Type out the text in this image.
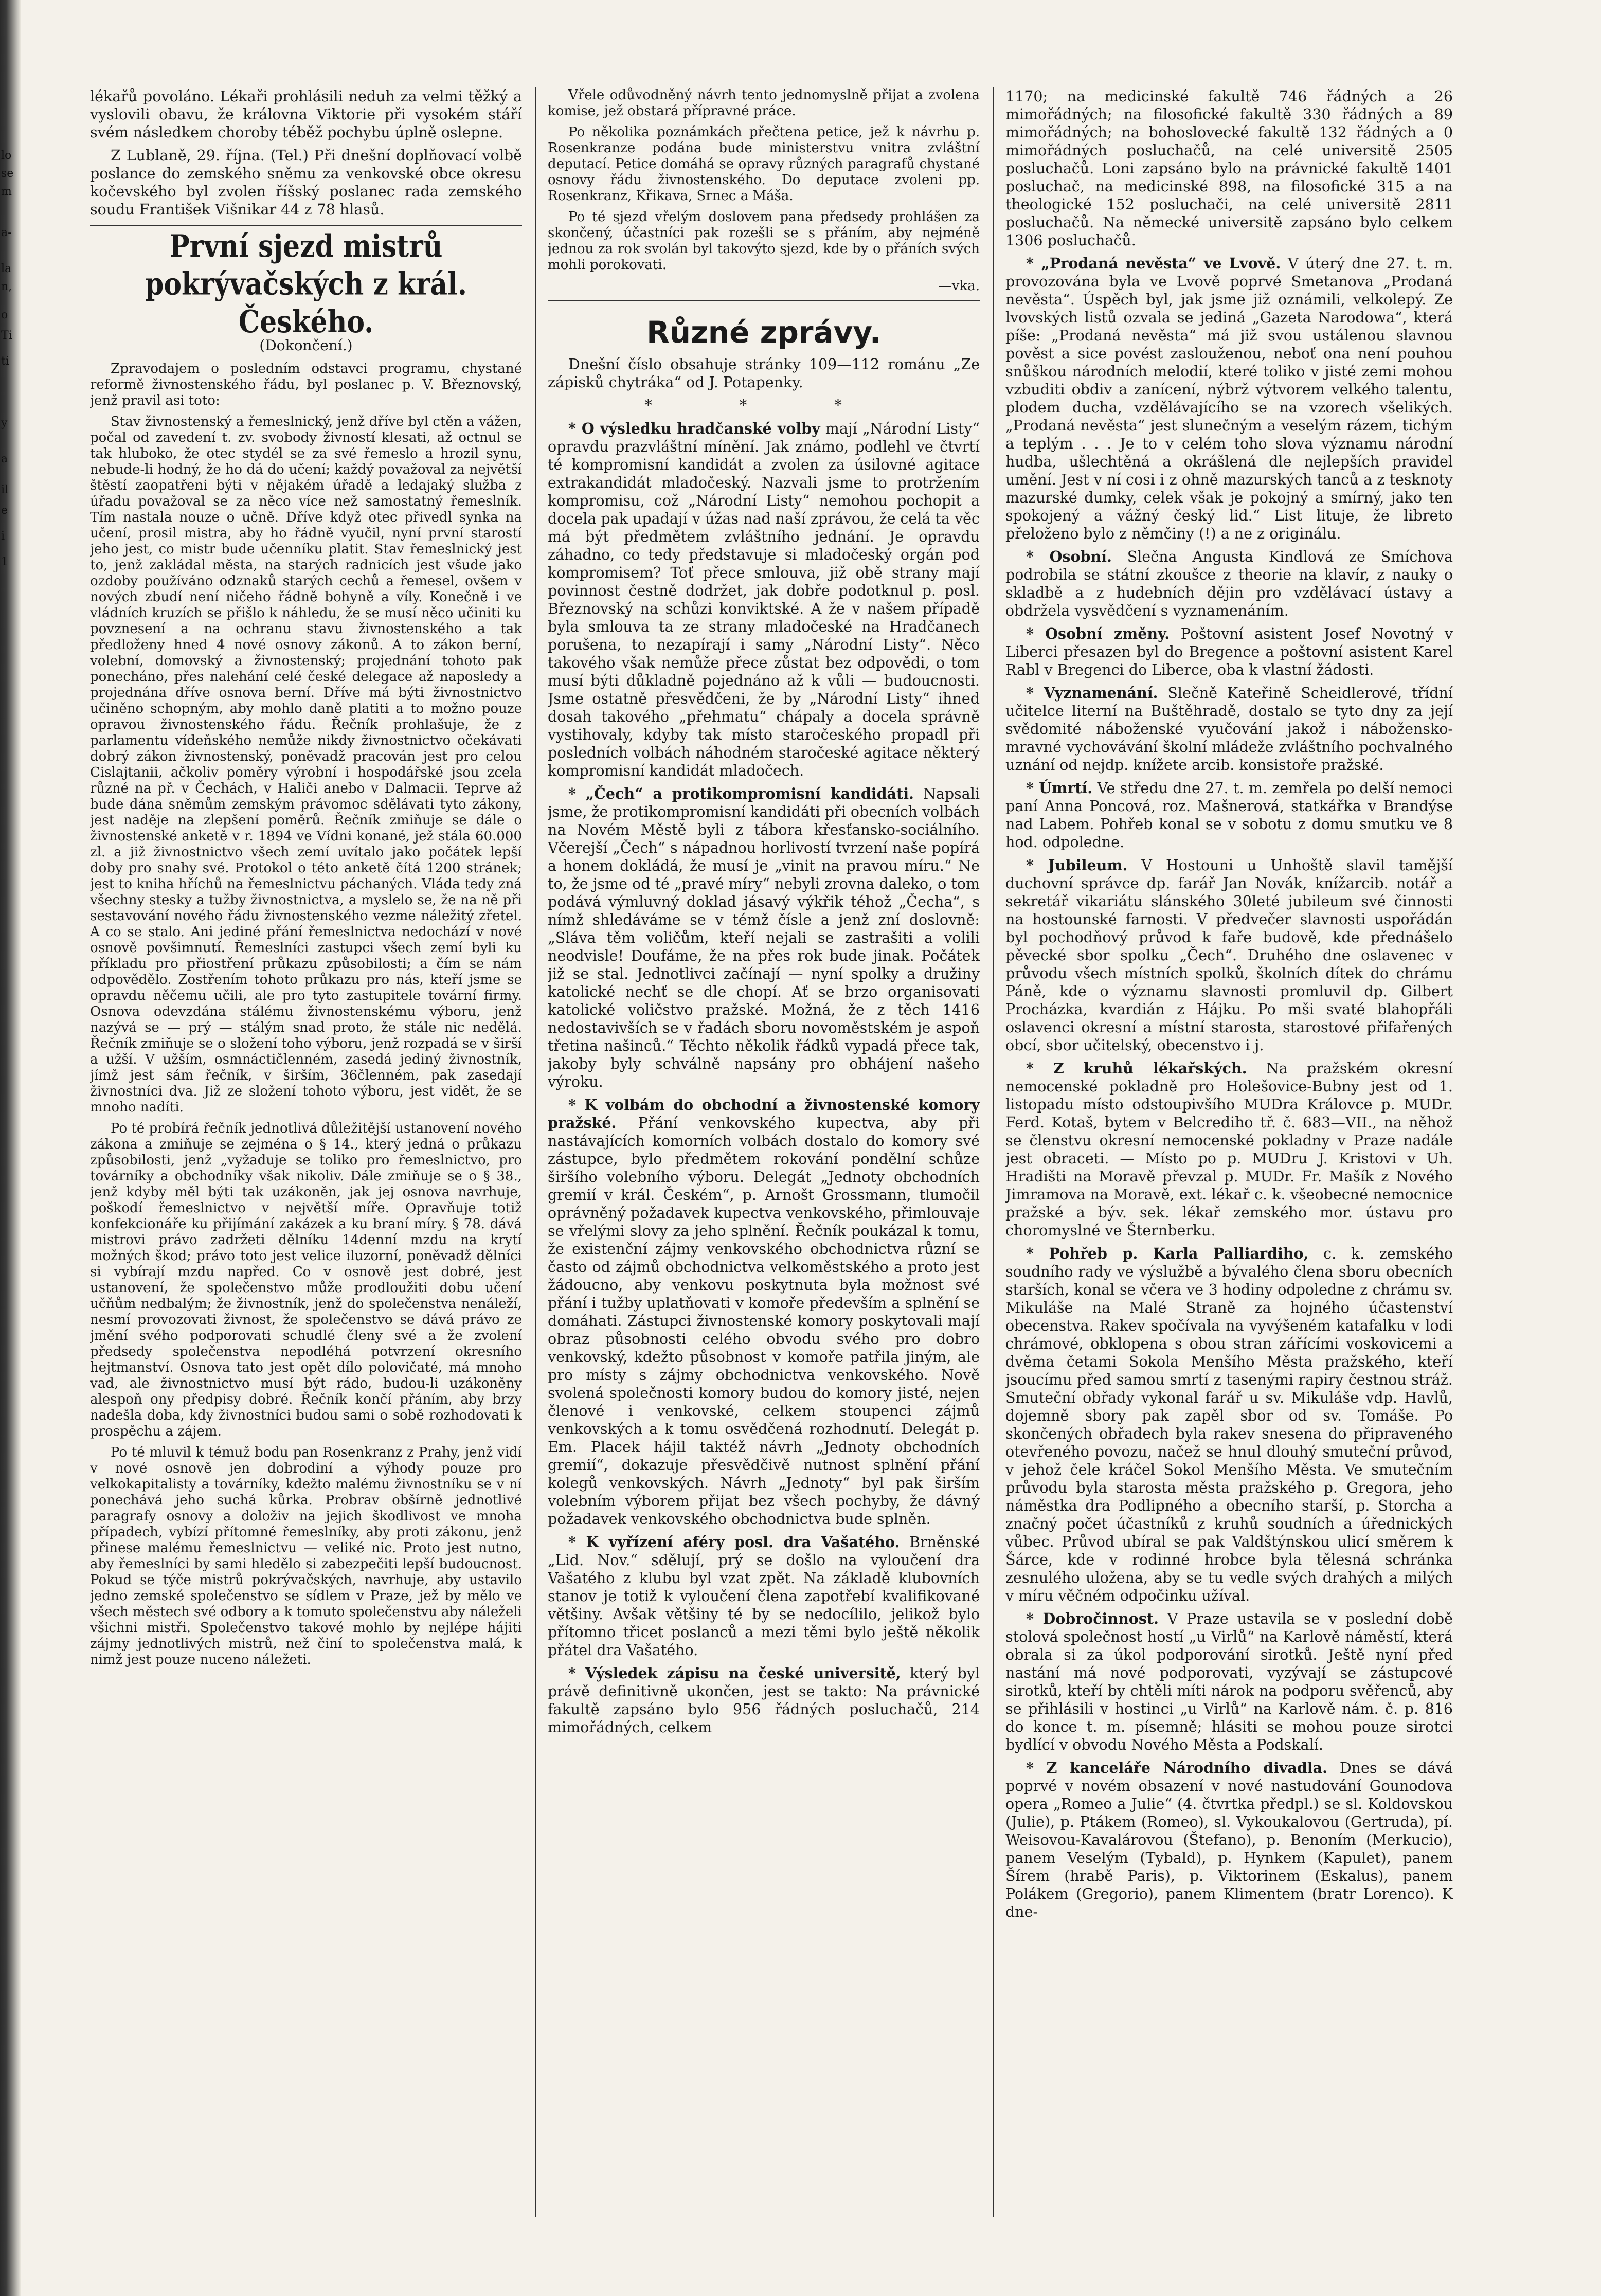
lo
se
m
a-
la
n,
o
Ti
ti
y
a
il
e
i
1

lékařů povoláno. Lékaři prohlásili neduh za velmi těžký a vyslovili obavu, že královna Viktorie při vysokém stáří svém následkem choroby téběž pochybu úplně oslepne.

Z Lublaně, 29. října. (Tel.) Při dnešní doplňovací volbě poslance do zemského sněmu za venkovské obce okresu kočevského byl zvolen říšský poslanec rada zemského soudu František Višnikar 44 z 78 hlasů.

První sjezd mistrů pokrývačských z král. Českého.
(Dokončení.)

Zpravodajem o posledním odstavci programu, chystané reformě živnostenského řádu, byl poslanec p. V. Březnovský, jenž pravil asi toto:

Stav živnostenský a řemeslnický, jenž dříve byl ctěn a vážen, počal od zavedení t. zv. svobody živností klesati, až octnul se tak hluboko, že otec stydél se za své řemeslo a hrozil synu, nebude-li hodný, že ho dá do učení; každý považoval za největší štěstí zaopatřeni býti v nějakém úřadě a ledajaký služba z úřadu považoval se za něco více než samostatný řemeslník. Tím nastala nouze o učně. Dříve když otec přivedl synka na učení, prosil mistra, aby ho řádně vyučil, nyní první starostí jeho jest, co mistr bude učenníku platit. Stav řemeslnický jest to, jenž zakládal města, na starých radnicích jest všude jako ozdoby používáno odznaků starých cechů a řemesel, ovšem v nových zbudí není ničeho řádně bohyně a víly. Konečně i ve vládních kruzích se přišlo k náhledu, že se musí něco učiniti ku povznesení a na ochranu stavu živnostenského a tak předloženy hned 4 nové osnovy zákonů. A to zákon berní, volební, domovský a živnostenský; projednání tohoto pak ponecháno, přes nalehání celé české delegace až naposledy a projednána dříve osnova berní. Dříve má býti živnostnictvo učiněno schopným, aby mohlo daně platiti a to možno pouze opravou živnostenského řádu. Řečník prohlašuje, že z parlamentu vídeňského nemůže nikdy živnostnictvo očekávati dobrý zákon živnostenský, poněvadž pracován jest pro celou Cislajtanii, ačkoliv poměry výrobní i hospodářské jsou zcela různé na př. v Čechách, v Haliči anebo v Dalmacii. Teprve až bude dána sněmům zemským právomoc sdělávati tyto zákony, jest naděje na zlepšení poměrů. Řečník zmiňuje se dále o živnostenské anketě v r. 1894 ve Vídni konané, jež stála 60.000 zl. a již živnostnictvo všech zemí uvítalo jako počátek lepší doby pro snahy své. Protokol o této anketě čítá 1200 stránek; jest to kniha hříchů na řemeslnictvu páchaných. Vláda tedy zná všechny stesky a tužby živnostnictva, a myslelo se, že na ně při sestavování nového řádu živnostenského vezme náležitý zřetel. A co se stalo. Ani jediné přání řemeslnictva nedochází v nové osnově povšimnutí. Řemeslníci zastupci všech zemí byli ku příkladu pro přiostření průkazu způsobilosti; a čím se nám odpovědělo. Zostřením tohoto průkazu pro nás, kteří jsme se opravdu něčemu učili, ale pro tyto zastupitele tovární firmy. Osnova odevzdána stálému živnostenskému výboru, jenž nazývá se — prý — stálým snad proto, že stále nic nedělá. Řečník zmiňuje se o složení toho výboru, jenž rozpadá se v širší a užší. V užším, osmnáctičlenném, zasedá jediný živnostník, jímž jest sám řečník, v širším, 36členném, pak zasedají živnostníci dva. Již ze složení tohoto výboru, jest vidět, že se mnoho nadíti.

Po té probírá řečník jednotlivá důležitější ustanovení nového zákona a zmiňuje se zejména o § 14., který jedná o průkazu způsobilosti, jenž „vyžaduje se toliko pro řemeslnictvo, pro továrníky a obchodníky však nikoliv. Dále zmiňuje se o § 38., jenž kdyby měl býti tak uzákoněn, jak jej osnova navrhuje, poškodí řemeslnictvo v největší míře. Opravňuje totiž konfekcionáře ku přijímání zakázek a ku braní míry. § 78. dává mistrovi právo zadržeti dělníku 14denní mzdu na krytí možných škod; právo toto jest velice iluzorní, poněvadž dělníci si vybírají mzdu napřed. Co v osnově jest dobré, jest ustanovení, že společenstvo může prodloužiti dobu učení učňům nedbalým; že živnostník, jenž do společenstva nenáleží, nesmí provozovati živnost, že společenstvo se dává právo ze jmění svého podporovati schudlé členy své a že zvolení předsedy společenstva nepodléhá potvrzení okresního hejtmanství. Osnova tato jest opět dílo polovičaté, má mnoho vad, ale živnostnictvo musí být rádo, budou-li uzákoněny alespoň ony předpisy dobré. Řečník končí přáním, aby brzy nadešla doba, kdy živnostníci budou sami o sobě rozhodovati k prospěchu a zájem.

Po té mluvil k témuž bodu pan Rosenkranz z Prahy, jenž vidí v nové osnově jen dobrodiní a výhody pouze pro velkokapitalisty a továrníky, kdežto malému živnostníku se v ní ponechává jeho suchá kůrka. Probrav obšírně jednotlivé paragrafy osnovy a doloživ na jejich škodlivost ve mnoha případech, vybízí přítomné řemeslníky, aby proti zákonu, jenž přinese malému řemeslnictvu — veliké nic. Proto jest nutno, aby řemeslníci by sami hledělo si zabezpečiti lepší budoucnost. Pokud se týče mistrů pokrývačských, navrhuje, aby ustavilo jedno zemské společenstvo se sídlem v Praze, jež by mělo ve všech městech své odbory a k tomuto společenstvu aby náleželi všichni mistři. Společenstvo takové mohlo by nejlépe hájiti zájmy jednotlivých mistrů, než činí to společenstva malá, k nimž jest pouze nuceno náležeti.

Vřele odůvodněný návrh tento jednomyslně přijat a zvolena komise, jež obstará přípravné práce.

Po několika poznámkách přečtena petice, jež k návrhu p. Rosenkranze podána bude ministerstvu vnitra zvláštní deputací. Petice domáhá se opravy různých paragrafů chystané osnovy řádu živnostenského. Do deputace zvoleni pp. Rosenkranz, Křikava, Srnec a Máša.

Po té sjezd vřelým doslovem pana předsedy prohlášen za skončený, účastníci pak rozešli se s přáním, aby nejméně jednou za rok svolán byl takovýto sjezd, kde by o přáních svých mohli porokovati.

—vka.
Různé zprávy.

Dnešní číslo obsahuje stránky 109—112 románu „Ze zápisků chytráka“ od J. Potapenky.

* * *

* O výsledku hradčanské volby mají „Národní Listy“ opravdu prazvláštní mínění. Jak známo, podlehl ve čtvrtí té kompromisní kandidát a zvolen za úsilovné agitace extrakandidát mladočeský. Nazvali jsme to protržením kompromisu, což „Národní Listy“ nemohou pochopit a docela pak upadají v úžas nad naší zprávou, že celá ta věc má být předmětem zvláštního jednání. Je opravdu záhadno, co tedy představuje si mladočeský orgán pod kompromisem? Toť přece smlouva, již obě strany mají povinnost čestně dodržet, jak dobře podotknul p. posl. Březnovský na schůzi konviktské. A že v našem případě byla smlouva ta ze strany mladočeské na Hradčanech porušena, to nezapírají i samy „Národní Listy“. Něco takového však nemůže přece zůstat bez odpovědi, o tom musí býti důkladně pojednáno až k vůli — budoucnosti. Jsme ostatně přesvědčeni, že by „Národní Listy“ ihned dosah takového „přehmatu“ chápaly a docela správně vystihovaly, kdyby tak místo staročeského propadl při posledních volbách náhodném staročeské agitace některý kompromisní kandidát mladočech.

* „Čech“ a protikompromisní kandidáti. Napsali jsme, že protikompromisní kandidáti při obecních volbách na Novém Městě byli z tábora křesťansko-sociálního. Včerejší „Čech“ s nápadnou horlivostí tvrzení naše popírá a honem dokládá, že musí je „vinit na pravou míru.“ Ne to, že jsme od té „pravé míry“ nebyli zrovna daleko, o tom podává výmluvný doklad jásavý výkřik téhož „Čecha“, s nímž shledáváme se v témž čísle a jenž zní doslovně: „Sláva těm voličům, kteří nejali se zastrašiti a volili neodvisle! Doufáme, že na přes rok bude jinak. Počátek již se stal. Jednotlivci začínají — nyní spolky a družiny katolické nechť se dle chopí. Ať se brzo organisovati katolické voličstvo pražské. Možná, že z těch 1416 nedostavivších se v řadách sboru novoměstském je aspoň třetina našinců.“ Těchto několik řádků vypadá přece tak, jakoby byly schválně napsány pro obhájení našeho výroku.

* K volbám do obchodní a živnostenské komory pražské. Přání venkovského kupectva, aby při nastávajících komorních volbách dostalo do komory své zástupce, bylo předmětem rokování pondělní schůze širšího volebního výboru. Delegát „Jednoty obchodních gremií v král. Českém“, p. Arnošt Grossmann, tlumočil oprávněný požadavek kupectva venkovského, přimlouvaje se vřelými slovy za jeho splnění. Řečník poukázal k tomu, že existenční zájmy venkovského obchodnictva různí se často od zájmů obchodnictva velkoměstského a proto jest žádoucno, aby venkovu poskytnuta byla možnost své přání i tužby uplatňovati v komoře především a splnění se domáhati. Zástupci živnostenské komory poskytovali mají obraz působnosti celého obvodu svého pro dobro venkovský, kdežto působnost v komoře patřila jiným, ale pro místy s zájmy obchodnictva venkovského. Nově svolená společnosti komory budou do komory jisté, nejen členové i venkovské, celkem stoupenci zájmů venkovských a k tomu osvědčená rozhodnutí. Delegát p. Em. Placek hájil taktéž návrh „Jednoty obchodních gremií“, dokazuje přesvědčivě nutnost splnění přání kolegů venkovských. Návrh „Jednoty“ byl pak širším volebním výborem přijat bez všech pochyby, že dávný požadavek venkovského obchodnictva bude splněn.

* K vyřízení aféry posl. dra Vašatého. Brněnské „Lid. Nov.“ sdělují, prý se došlo na vyloučení dra Vašatého z klubu byl vzat zpět. Na základě klubovních stanov je totiž k vyloučení člena zapotřebí kvalifikované většiny. Avšak většiny té by se nedocílilo, jelikož bylo přítomno třicet poslanců a mezi těmi bylo ještě několik přátel dra Vašatého.

* Výsledek zápisu na české universitě, který byl právě definitivně ukončen, jest se takto: Na právnické fakultě zapsáno bylo 956 řádných posluchačů, 214 mimořádných, celkem

1170; na medicinské fakultě 746 řádných a 26 mimořádných; na filosofické fakultě 330 řádných a 89 mimořádných; na bohoslovecké fakultě 132 řádných a 0 mimořádných posluchačů, na celé universitě 2505 posluchačů. Loni zapsáno bylo na právnické fakultě 1401 posluchač, na medicinské 898, na filosofické 315 a na theologické 152 posluchači, na celé universitě 2811 posluchačů. Na německé universitě zapsáno bylo celkem 1306 posluchačů.

* „Prodaná nevěsta“ ve Lvově. V úterý dne 27. t. m. provozována byla ve Lvově poprvé Smetanova „Prodaná nevěsta“. Úspěch byl, jak jsme již oznámili, velkolepý. Ze lvovských listů ozvala se jediná „Gazeta Narodowa“, která píše: „Prodaná nevěsta“ má již svou ustálenou slavnou pověst a sice povést zaslouženou, neboť ona není pouhou snůškou národních melodií, které toliko v jisté zemi mohou vzbuditi obdiv a zanícení, nýbrž výtvorem velkého talentu, plodem ducha, vzdělávajícího se na vzorech všelikých. „Prodaná nevěsta“ jest slunečným a veselým rázem, tichým a teplým . . . Je to v celém toho slova významu národní hudba, ušlechtěná a okrášlená dle nejlepších pravidel umění. Jest v ní cosi i z ohně mazurských tanců a z tesknoty mazurské dumky, celek však je pokojný a smírný, jako ten spokojený a vážný český lid.“ List lituje, že libreto přeloženo bylo z němčiny (!) a ne z originálu.

* Osobní. Slečna Angusta Kindlová ze Smíchova podrobila se státní zkoušce z theorie na klavír, z nauky o skladbě a z hudebních dějin pro vzdělávací ústavy a obdržela vysvědčení s vyznamenáním.

* Osobní změny. Poštovní asistent Josef Novotný v Liberci přesazen byl do Bregence a poštovní asistent Karel Rabl v Bregenci do Liberce, oba k vlastní žádosti.

* Vyznamenání. Slečně Kateřině Scheidlerové, třídní učitelce literní na Buštěhradě, dostalo se tyto dny za její svědomité náboženské vyučování jakož i nábožensko-mravné vychovávání školní mládeže zvláštního pochvalného uznání od nejdp. knížete arcib. konsistoře pražské.

* Úmrtí. Ve středu dne 27. t. m. zemřela po delší nemoci paní Anna Poncová, roz. Mašnerová, statkářka v Brandýse nad Labem. Pohřeb konal se v sobotu z domu smutku ve 8 hod. odpoledne.

* Jubileum. V Hostouni u Unhoště slavil tamější duchovní správce dp. farář Jan Novák, knížarcib. notář a sekretář vikariátu slánského 30leté jubileum své činnosti na hostounské farnosti. V předvečer slavnosti uspořádán byl pochodňový průvod k faře budově, kde přednášelo pěvecké sbor spolku „Čech“. Druhého dne oslavenec v průvodu všech místních spolků, školních dítek do chrámu Páně, kde o významu slavnosti promluvil dp. Gilbert Procházka, kvardián z Hájku. Po mši svaté blahopřáli oslavenci okresní a místní starosta, starostové přifařených obcí, sbor učitelský, obecenstvo i j.

* Z kruhů lékařských. Na pražském okresní nemocenské pokladně pro Holešovice-Bubny jest od 1. listopadu místo odstoupivšího MUDra Královce p. MUDr. Ferd. Kotaš, bytem v Belcrediho tř. č. 683—VII., na něhož se členstvu okresní nemocenské pokladny v Praze nadále jest obraceti. — Místo po p. MUDru J. Kristovi v Uh. Hradišti na Moravě převzal p. MUDr. Fr. Mašík z Nového Jimramova na Moravě, ext. lékař c. k. všeobecné nemocnice pražské a býv. sek. lékař zemského mor. ústavu pro choromyslné ve Šternberku.

* Pohřeb p. Karla Palliardiho, c. k. zemského soudního rady ve výslužbě a bývalého člena sboru obecních starších, konal se včera ve 3 hodiny odpoledne z chrámu sv. Mikuláše na Malé Straně za hojného účastenství obecenstva. Rakev spočívala na vyvýšeném katafalku v lodi chrámové, obklopena s obou stran zářícími voskovicemi a dvěma četami Sokola Menšího Města pražského, kteří jsoucímu před samou smrtí z tasenými rapiry čestnou stráž. Smuteční obřady vykonal farář u sv. Mikuláše vdp. Havlů, dojemně sbory pak zapěl sbor od sv. Tomáše. Po skončených obřadech byla rakev snesena do připraveného otevřeného povozu, načež se hnul dlouhý smuteční průvod, v jehož čele kráčel Sokol Menšího Města. Ve smutečním průvodu byla starosta města pražského p. Gregora, jeho náměstka dra Podlipného a obecního starší, p. Storcha a značný počet účastníků z kruhů soudních a úřednických vůbec. Průvod ubíral se pak Valdštýnskou ulicí směrem k Šárce, kde v rodinné hrobce byla tělesná schránka zesnulého uložena, aby se tu vedle svých drahých a milých v míru věčném odpočinku užíval.

* Dobročinnost. V Praze ustavila se v poslední době stolová společnost hostí „u Virlů“ na Karlově náměstí, která obrala si za úkol podporování sirotků. Ještě nyní před nastání má nové podporovati, vyzývají se zástupcové sirotků, kteří by chtěli míti nárok na podporu svěřenců, aby se přihlásili v hostinci „u Virlů“ na Karlově nám. č. p. 816 do konce t. m. písemně; hlásiti se mohou pouze sirotci bydlící v obvodu Nového Města a Podskalí.

* Z kanceláře Národního divadla. Dnes se dává poprvé v novém obsazení v nové nastudování Gounodova opera „Romeo a Julie“ (4. čtvrtka předpl.) se sl. Koldovskou (Julie), p. Ptákem (Romeo), sl. Vykoukalovou (Gertruda), pí. Weisovou-Kavalárovou (Štefano), p. Benoním (Merkucio), panem Veselým (Tybald), p. Hynkem (Kapulet), panem Šírem (hrabě Paris), p. Viktorinem (Eskalus), panem Polákem (Gregorio), panem Klimentem (bratr Lorenco). K dne-
